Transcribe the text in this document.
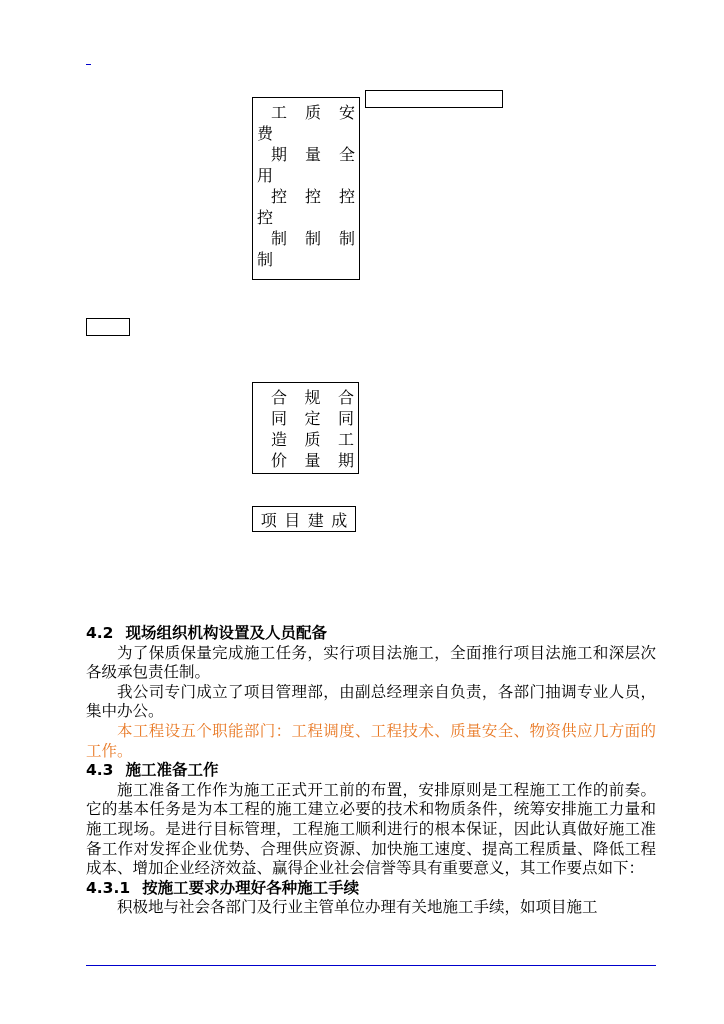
工 质 安
费
期 量 全
用
控 控 控
控
制 制 制
制
合 规 合
同 定 同
造 质 工
价 量 期
项 目 建 成
4.2 现场组织机构设置及人员配备

为了保质保量完成施工任务，实行项目法施工，全面推行项目法施工和深层次各级承包责任制。

我公司专门成立了项目管理部，由副总经理亲自负责，各部门抽调专业人员，集中办公。

本工程设五个职能部门：工程调度、工程技术、质量安全、物资供应几方面的工作。

4.3 施工准备工作

施工准备工作作为施工正式开工前的布置，安排原则是工程施工工作的前奏。它的基本任务是为本工程的施工建立必要的技术和物质条件，统筹安排施工力量和施工现场。是进行目标管理，工程施工顺利进行的根本保证，因此认真做好施工准备工作对发挥企业优势、合理供应资源、加快施工速度、提高工程质量、降低工程成本、增加企业经济效益、赢得企业社会信誉等具有重要意义，其工作要点如下：

4.3.1 按施工要求办理好各种施工手续

积极地与社会各部门及行业主管单位办理有关地施工手续，如项目施工
